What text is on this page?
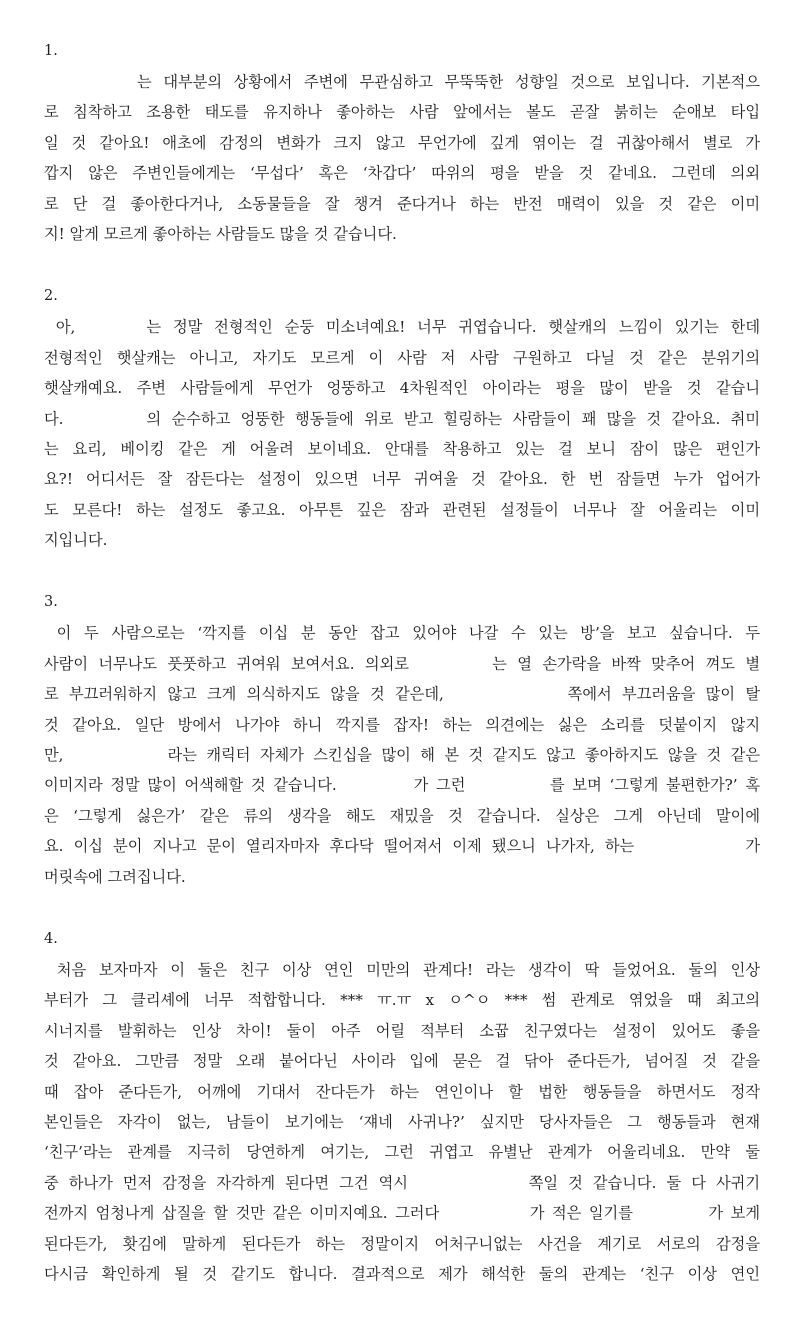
1.
는 대부분의 상황에서 주변에 무관심하고 무뚝뚝한 성향일 것으로 보입니다. 기본적으
로 침착하고 조용한 태도를 유지하나 좋아하는 사람 앞에서는 볼도 곧잘 붉히는 순애보 타입
일 것 같아요! 애초에 감정의 변화가 크지 않고 무언가에 깊게 엮이는 걸 귀찮아해서 별로 가
깝지 않은 주변인들에게는 ‘무섭다’ 혹은 ‘차갑다’ 따위의 평을 받을 것 같네요. 그런데 의외
로 단 걸 좋아한다거나, 소동물들을 잘 챙겨 준다거나 하는 반전 매력이 있을 것 같은 이미
지! 알게 모르게 좋아하는 사람들도 많을 것 같습니다.
2.
아,      는 정말 전형적인 순둥 미소녀예요! 너무 귀엽습니다. 햇살캐의 느낌이 있기는 한데
전형적인 햇살캐는 아니고, 자기도 모르게 이 사람 저 사람 구원하고 다닐 것 같은 분위기의
햇살캐예요. 주변 사람들에게 무언가 엉뚱하고 4차원적인 아이라는 평을 많이 받을 것 같습니
다.        의 순수하고 엉뚱한 행동들에 위로 받고 힐링하는 사람들이 꽤 많을 것 같아요. 취미
는 요리, 베이킹 같은 게 어울려 보이네요. 안대를 착용하고 있는 걸 보니 잠이 많은 편인가
요?! 어디서든 잘 잠든다는 설정이 있으면 너무 귀여울 것 같아요. 한 번 잠들면 누가 업어가
도 모른다! 하는 설정도 좋고요. 아무튼 깊은 잠과 관련된 설정들이 너무나 잘 어울리는 이미
지입니다.
3.
이 두 사람으로는 ‘깍지를 이십 분 동안 잡고 있어야 나갈 수 있는 방’을 보고 싶습니다. 두
사람이 너무나도 풋풋하고 귀여워 보여서요. 의외로        는 열 손가락을 바짝 맞추어 껴도 별
로 부끄러워하지 않고 크게 의식하지도 않을 것 같은데,            쪽에서 부끄러움을 많이 탈
것 같아요. 일단 방에서 나가야 하니 깍지를 잡자! 하는 의견에는 싫은 소리를 덧붙이지 않지
만,           라는 캐릭터 자체가 스킨십을 많이 해 본 것 같지도 않고 좋아하지도 않을 것 같은
이미지라 정말 많이 어색해할 것 같습니다.          가 그런           를 보며 ‘그렇게 불편한가?’ 혹
은 ‘그렇게 싫은가’ 같은 류의 생각을 해도 재밌을 것 같습니다. 실상은 그게 아닌데 말이에
요. 이십 분이 지나고 문이 열리자마자 후다닥 떨어져서 이제 됐으니 나가자, 하는           가
머릿속에 그려집니다.
4.
처음 보자마자 이 둘은 친구 이상 연인 미만의 관계다! 라는 생각이 딱 들었어요. 둘의 인상
부터가 그 클리셰에 너무 적합합니다. *** ㅠ.ㅠ x ㅇ^ㅇ *** 썸 관계로 엮었을 때 최고의
시너지를 발휘하는 인상 차이! 둘이 아주 어릴 적부터 소꿉 친구였다는 설정이 있어도 좋을
것 같아요. 그만큼 정말 오래 붙어다닌 사이라 입에 묻은 걸 닦아 준다든가, 넘어질 것 같을
때 잡아 준다든가, 어깨에 기대서 잔다든가 하는 연인이나 할 법한 행동들을 하면서도 정작
본인들은 자각이 없는, 남들이 보기에는 ‘쟤네 사귀나?’ 싶지만 당사자들은 그 행동들과 현재
‘친구’라는 관계를 지극히 당연하게 여기는, 그런 귀엽고 유별난 관계가 어울리네요. 만약 둘
중 하나가 먼저 감정을 자각하게 된다면 그건 역시            쪽일 것 같습니다. 둘 다 사귀기
전까지 엄청나게 삽질을 할 것만 같은 이미지예요. 그러다            가 적은 일기를          가 보게
된다든가, 홧김에 말하게 된다든가 하는 정말이지 어처구니없는 사건을 계기로 서로의 감정을
다시금 확인하게 될 것 같기도 합니다. 결과적으로 제가 해석한 둘의 관계는 ‘친구 이상 연인
